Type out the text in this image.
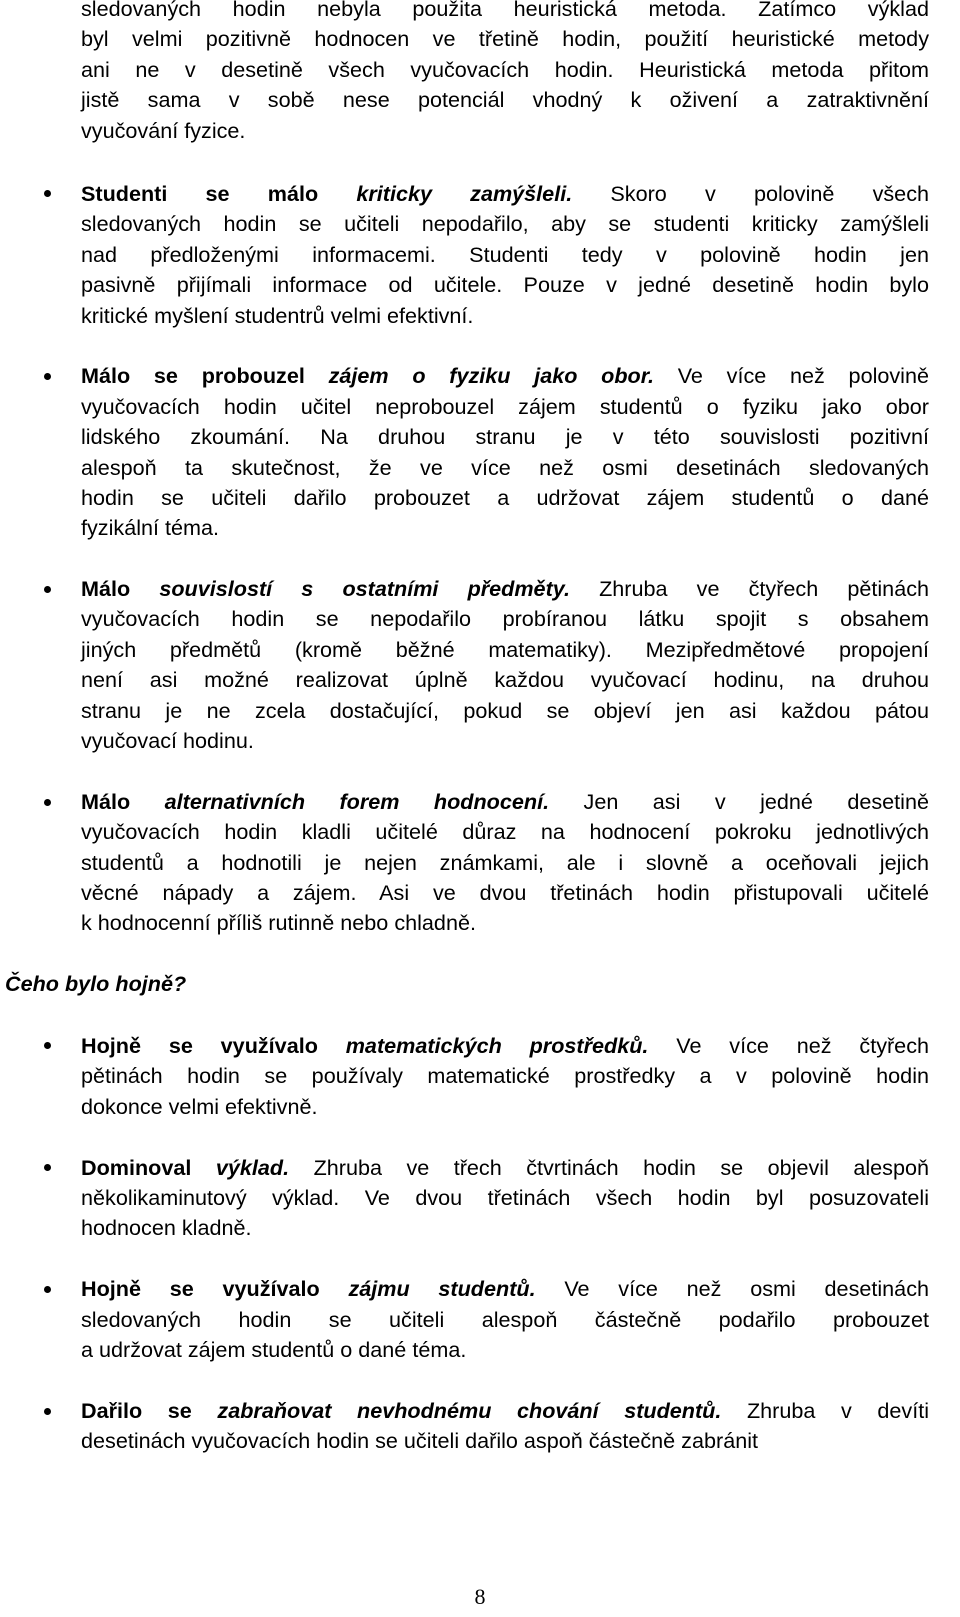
sledovaných hodin nebyla použita heuristická metoda. Zatímco výklad
byl velmi pozitivně hodnocen ve třetině hodin, použití heuristické metody
ani ne v desetině všech vyučovacích hodin. Heuristická metoda přitom
jistě sama v sobě nese potenciál vhodný k oživení a zatraktivnění
vyučování fyzice.
Studenti se málo kriticky zamýšleli. Skoro v polovině všech
sledovaných hodin se učiteli nepodařilo, aby se studenti kriticky zamýšleli
nad předloženými informacemi. Studenti tedy v polovině hodin jen
pasivně přijímali informace od učitele. Pouze v jedné desetině hodin bylo
kritické myšlení studentrů velmi efektivní.
Málo se probouzel zájem o fyziku jako obor. Ve více než polovině
vyučovacích hodin učitel neprobouzel zájem studentů o fyziku jako obor
lidského zkoumání. Na druhou stranu je v této souvislosti pozitivní
alespoň ta skutečnost, že ve více než osmi desetinách sledovaných
hodin se učiteli dařilo probouzet a udržovat zájem studentů o dané
fyzikální téma.
Málo souvislostí s ostatními předměty. Zhruba ve čtyřech pětinách
vyučovacích hodin se nepodařilo probíranou látku spojit s obsahem
jiných předmětů (kromě běžné matematiky). Mezipředmětové propojení
není asi možné realizovat úplně každou vyučovací hodinu, na druhou
stranu je ne zcela dostačující, pokud se objeví jen asi každou pátou
vyučovací hodinu.
Málo alternativních forem hodnocení. Jen asi v jedné desetině
vyučovacích hodin kladli učitelé důraz na hodnocení pokroku jednotlivých
studentů a hodnotili je nejen známkami, ale i slovně a oceňovali jejich
věcné nápady a zájem. Asi ve dvou třetinách hodin přistupovali učitelé
k hodnocenní příliš rutinně nebo chladně.
Čeho bylo hojně?
Hojně se využívalo matematických prostředků. Ve více než čtyřech
pětinách hodin se používaly matematické prostředky a v polovině hodin
dokonce velmi efektivně.
Dominoval výklad. Zhruba ve třech čtvrtinách hodin se objevil alespoň
několikaminutový výklad. Ve dvou třetinách všech hodin byl posuzovateli
hodnocen kladně.
Hojně se využívalo zájmu studentů. Ve více než osmi desetinách
sledovaných hodin se učiteli alespoň částečně podařilo probouzet
a udržovat zájem studentů o dané téma.
Dařilo se zabraňovat nevhodnému chování studentů. Zhruba v devíti
desetinách vyučovacích hodin se učiteli dařilo aspoň částečně zabránit
8
